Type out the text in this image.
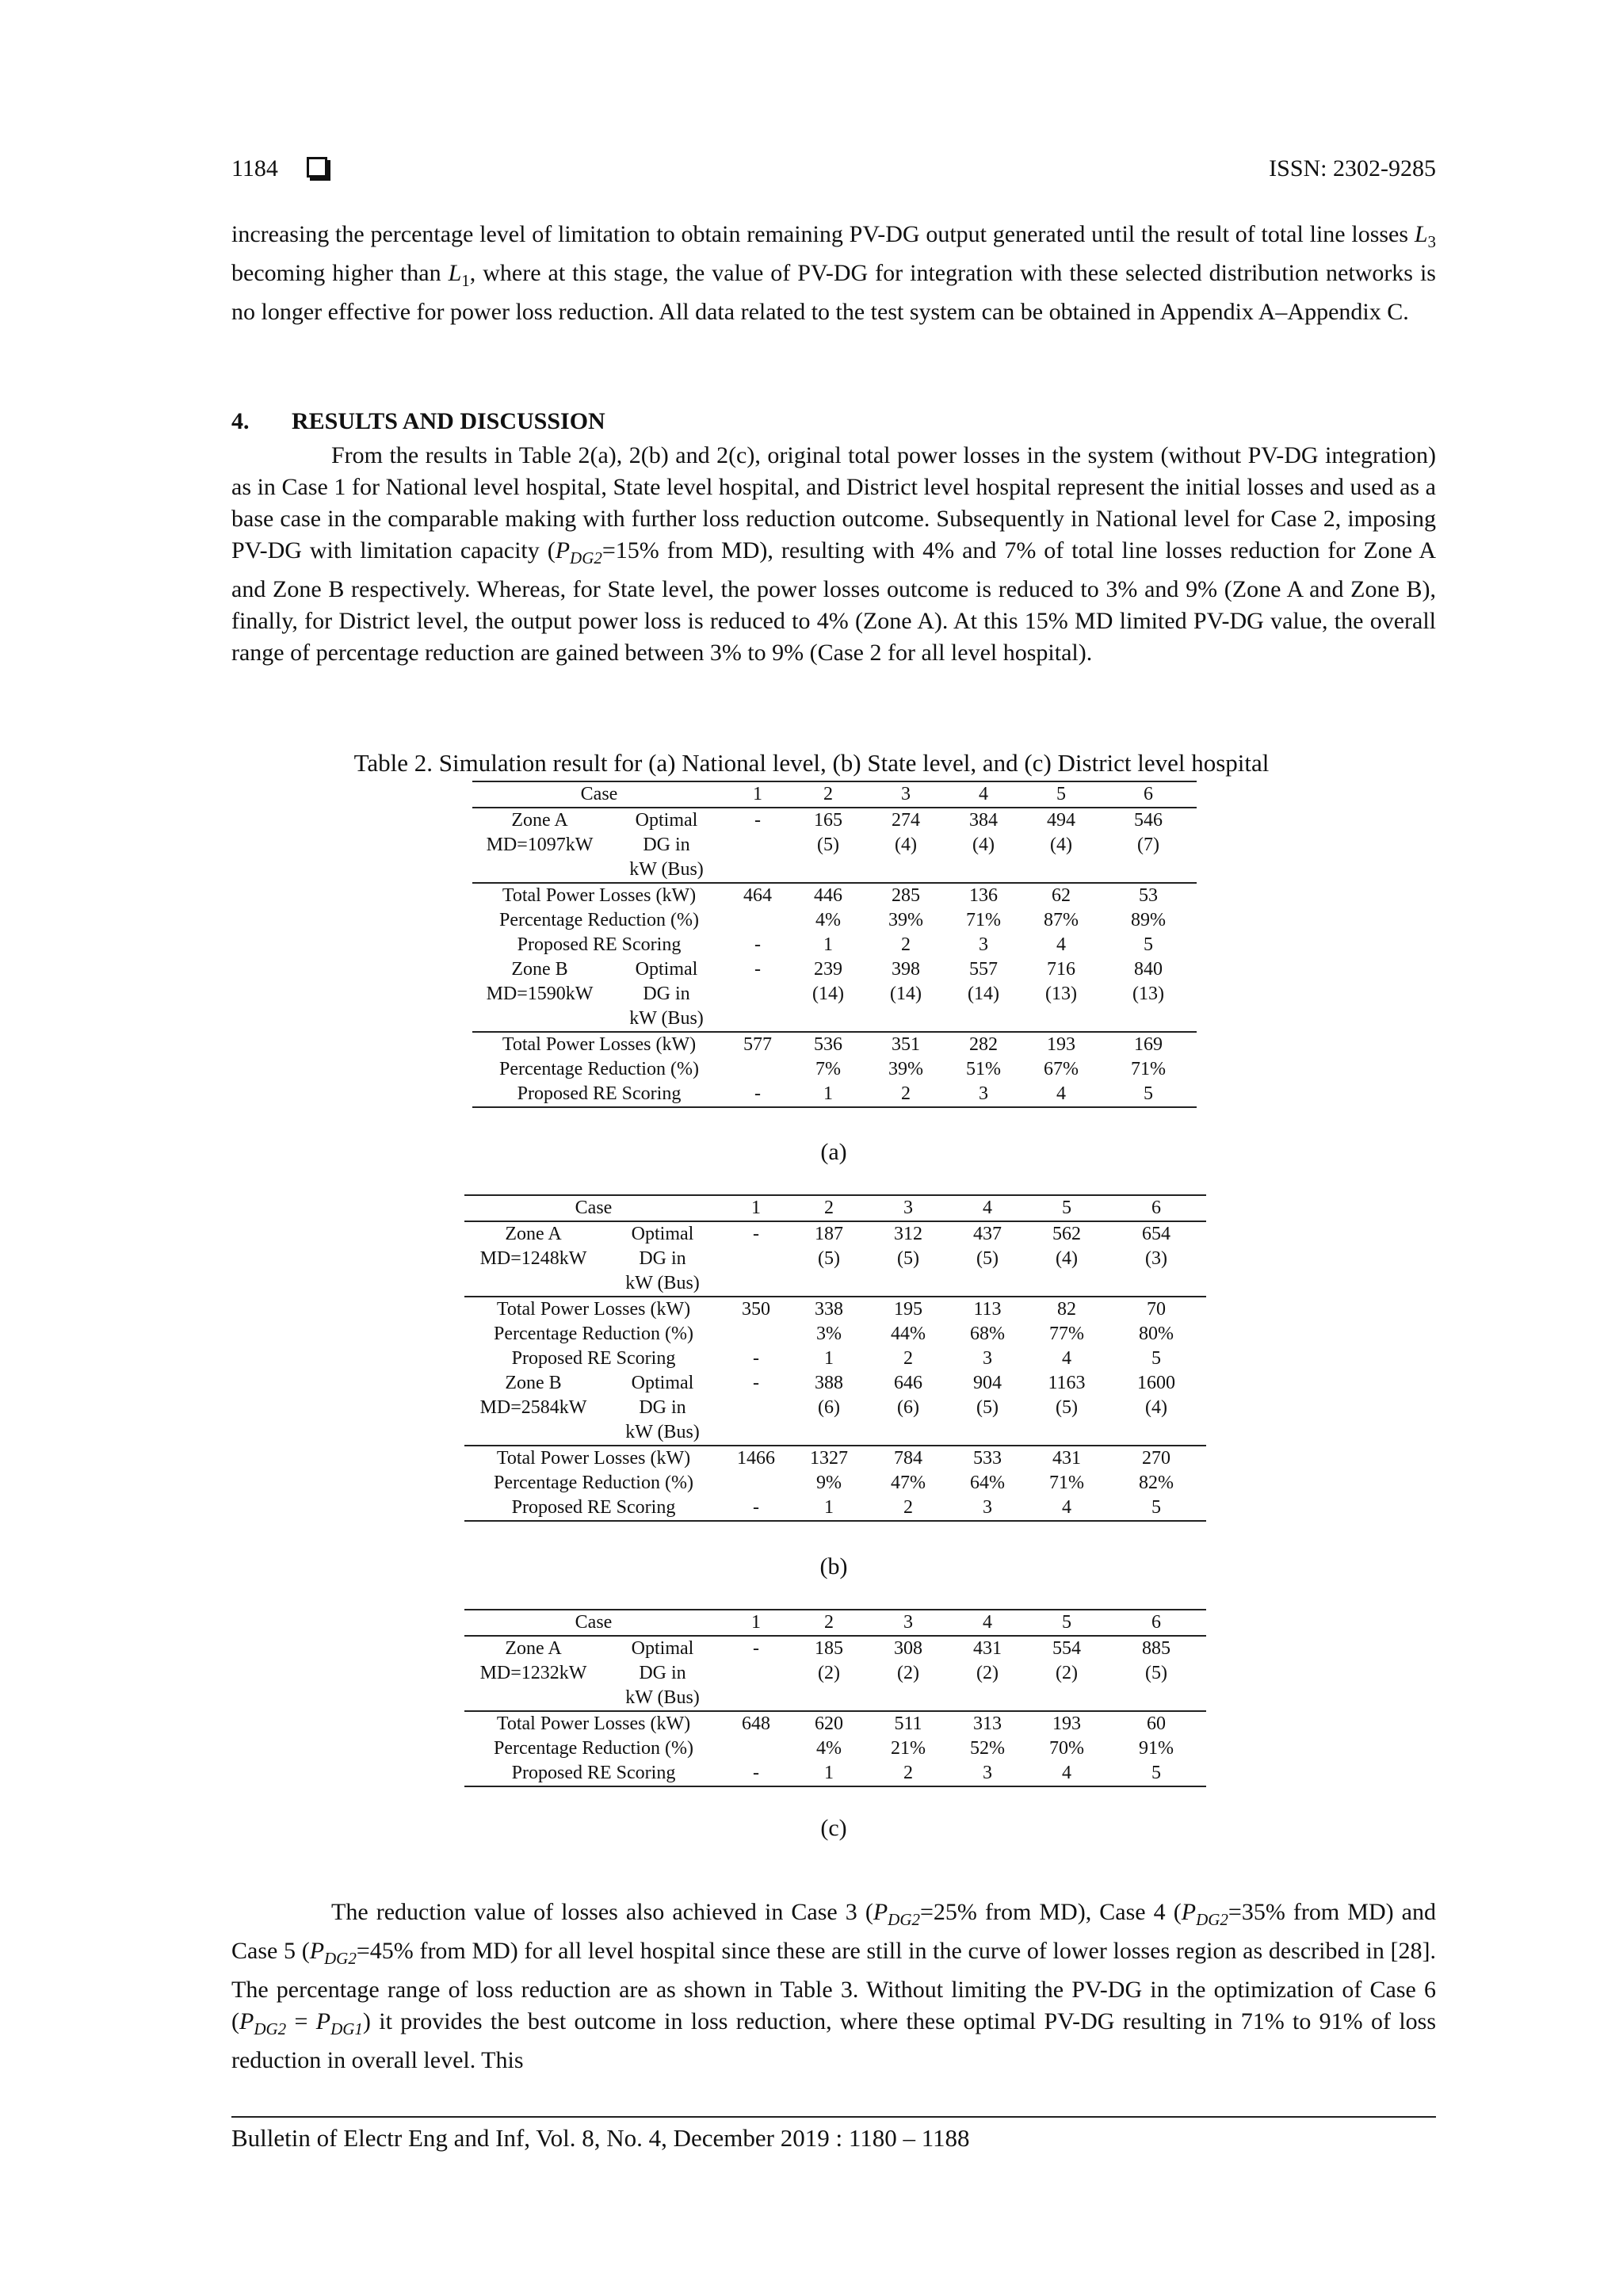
1184	ISSN: 2302-9285

increasing the percentage level of limitation to obtain remaining PV-DG output generated until the result of total line losses $L_3$ becoming higher than $L_1$, where at this stage, the value of PV-DG for integration with these selected distribution networks is no longer effective for power loss reduction. All data related to the test system can be obtained in Appendix A–Appendix C.

4. RESULTS AND DISCUSSION

From the results in Table 2(a), 2(b) and 2(c), original total power losses in the system (without PV-DG integration) as in Case 1 for National level hospital, State level hospital, and District level hospital represent the initial losses and used as a base case in the comparable making with further loss reduction outcome. Subsequently in National level for Case 2, imposing PV-DG with limitation capacity ($P_{DG2}=15\%$ from MD), resulting with 4% and 7% of total line losses reduction for Zone A and Zone B respectively. Whereas, for State level, the power losses outcome is reduced to 3% and 9% (Zone A and Zone B), finally, for District level, the output power loss is reduced to 4% (Zone A). At this 15% MD limited PV-DG value, the overall range of percentage reduction are gained between 3% to 9% (Case 2 for all level hospital).

Table 2. Simulation result for (a) National level, (b) State level, and (c) District level hospital
Case		1	2	3	4	5	6
Zone A	Optimal	-	165	274	384	494	546
MD=1097kW	DG in		(5)	(4)	(4)	(4)	(7)
	kW (Bus)						
Total Power Losses (kW)		464	446	285	136	62	53
Percentage Reduction (%)			4%	39%	71%	87%	89%
Proposed RE Scoring		-	1	2	3	4	5
Zone B	Optimal	-	239	398	557	716	840
MD=1590kW	DG in		(14)	(14)	(14)	(13)	(13)
	kW (Bus)						
Total Power Losses (kW)		577	536	351	282	193	169
Percentage Reduction (%)			7%	39%	51%	67%	71%
Proposed RE Scoring		-	1	2	3	4	5
(a)
Case		1	2	3	4	5	6
Zone A	Optimal	-	187	312	437	562	654
MD=1248kW	DG in		(5)	(5)	(5)	(4)	(3)
	kW (Bus)						
Total Power Losses (kW)		350	338	195	113	82	70
Percentage Reduction (%)			3%	44%	68%	77%	80%
Proposed RE Scoring		-	1	2	3	4	5
Zone B	Optimal	-	388	646	904	1163	1600
MD=2584kW	DG in		(6)	(6)	(5)	(5)	(4)
	kW (Bus)						
Total Power Losses (kW)		1466	1327	784	533	431	270
Percentage Reduction (%)			9%	47%	64%	71%	82%
Proposed RE Scoring		-	1	2	3	4	5
(b)
Case		1	2	3	4	5	6
Zone A	Optimal	-	185	308	431	554	885
MD=1232kW	DG in		(2)	(2)	(2)	(2)	(5)
	kW (Bus)						
Total Power Losses (kW)		648	620	511	313	193	60
Percentage Reduction (%)			4%	21%	52%	70%	91%
Proposed RE Scoring		-	1	2	3	4	5
(c)

The reduction value of losses also achieved in Case 3 ($P_{DG2}=25\%$ from MD), Case 4 ($P_{DG2}=35\%$ from MD) and Case 5 ($P_{DG2}=45\%$ from MD) for all level hospital since these are still in the curve of lower losses region as described in [28]. The percentage range of loss reduction are as shown in Table 3. Without limiting the PV-DG in the optimization of Case 6 $(P_{DG2} = P_{DG1})$ it provides the best outcome in loss reduction, where these optimal PV-DG resulting in 71% to 91% of loss reduction in overall level. This

Bulletin of Electr Eng and Inf, Vol. 8, No. 4, December 2019 : 1180 – 1188
